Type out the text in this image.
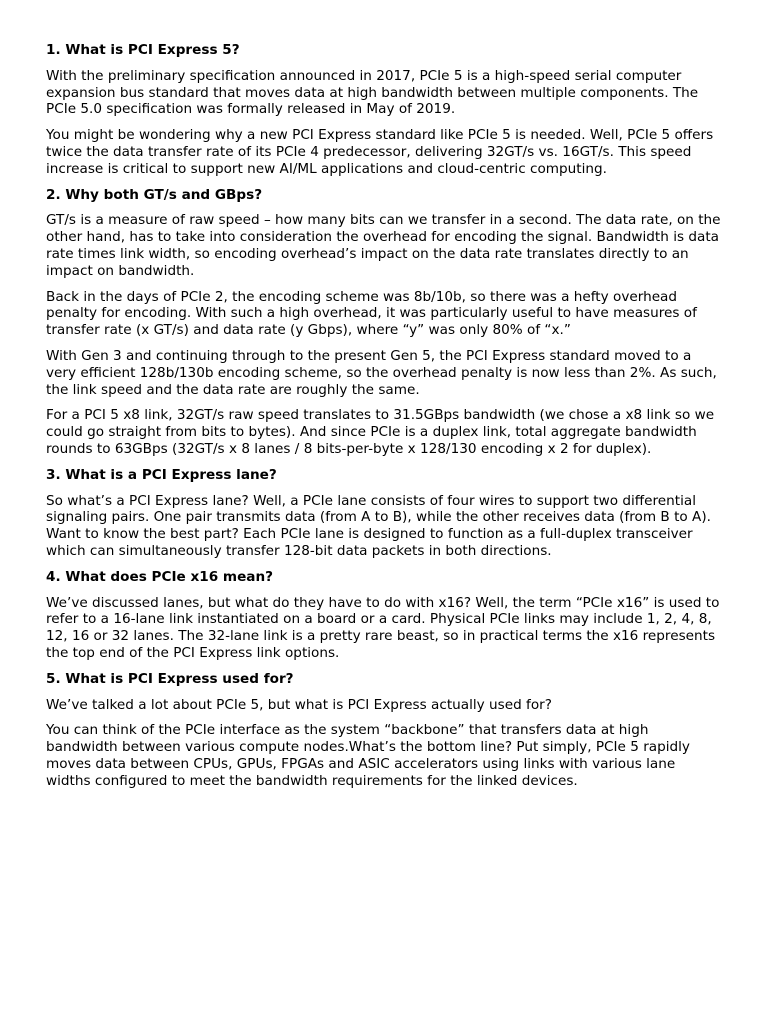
1. What is PCI Express 5?

With the preliminary specification announced in 2017, PCIe 5 is a high-speed serial computer expansion bus standard that moves data at high bandwidth between multiple components. The PCIe 5.0 specification was formally released in May of 2019.

You might be wondering why a new PCI Express standard like PCIe 5 is needed. Well, PCIe 5 offers twice the data transfer rate of its PCIe 4 predecessor, delivering 32GT/s vs. 16GT/s. This speed increase is critical to support new AI/ML applications and cloud-centric computing.

2. Why both GT/s and GBps?

GT/s is a measure of raw speed – how many bits can we transfer in a second. The data rate, on the other hand, has to take into consideration the overhead for encoding the signal. Bandwidth is data rate times link width, so encoding overhead’s impact on the data rate translates directly to an impact on bandwidth.

Back in the days of PCIe 2, the encoding scheme was 8b/10b, so there was a hefty overhead penalty for encoding. With such a high overhead, it was particularly useful to have measures of transfer rate (x GT/s) and data rate (y Gbps), where “y” was only 80% of “x.”

With Gen 3 and continuing through to the present Gen 5, the PCI Express standard moved to a very efficient 128b/130b encoding scheme, so the overhead penalty is now less than 2%. As such, the link speed and the data rate are roughly the same.

For a PCI 5 x8 link, 32GT/s raw speed translates to 31.5GBps bandwidth (we chose a x8 link so we could go straight from bits to bytes). And since PCIe is a duplex link, total aggregate bandwidth rounds to 63GBps (32GT/s x 8 lanes / 8 bits-per-byte x 128/130 encoding x 2 for duplex).

3. What is a PCI Express lane?

So what’s a PCI Express lane? Well, a PCIe lane consists of four wires to support two differential signaling pairs. One pair transmits data (from A to B), while the other receives data (from B to A). Want to know the best part? Each PCIe lane is designed to function as a full-duplex transceiver which can simultaneously transfer 128-bit data packets in both directions.

4. What does PCIe x16 mean?

We’ve discussed lanes, but what do they have to do with x16? Well, the term “PCIe x16” is used to refer to a 16-lane link instantiated on a board or a card. Physical PCIe links may include 1, 2, 4, 8, 12, 16 or 32 lanes. The 32-lane link is a pretty rare beast, so in practical terms the x16 represents the top end of the PCI Express link options.

5. What is PCI Express used for?

We’ve talked a lot about PCIe 5, but what is PCI Express actually used for?

You can think of the PCIe interface as the system “backbone” that transfers data at high bandwidth between various compute nodes.What’s the bottom line? Put simply, PCIe 5 rapidly moves data between CPUs, GPUs, FPGAs and ASIC accelerators using links with various lane widths configured to meet the bandwidth requirements for the linked devices.
